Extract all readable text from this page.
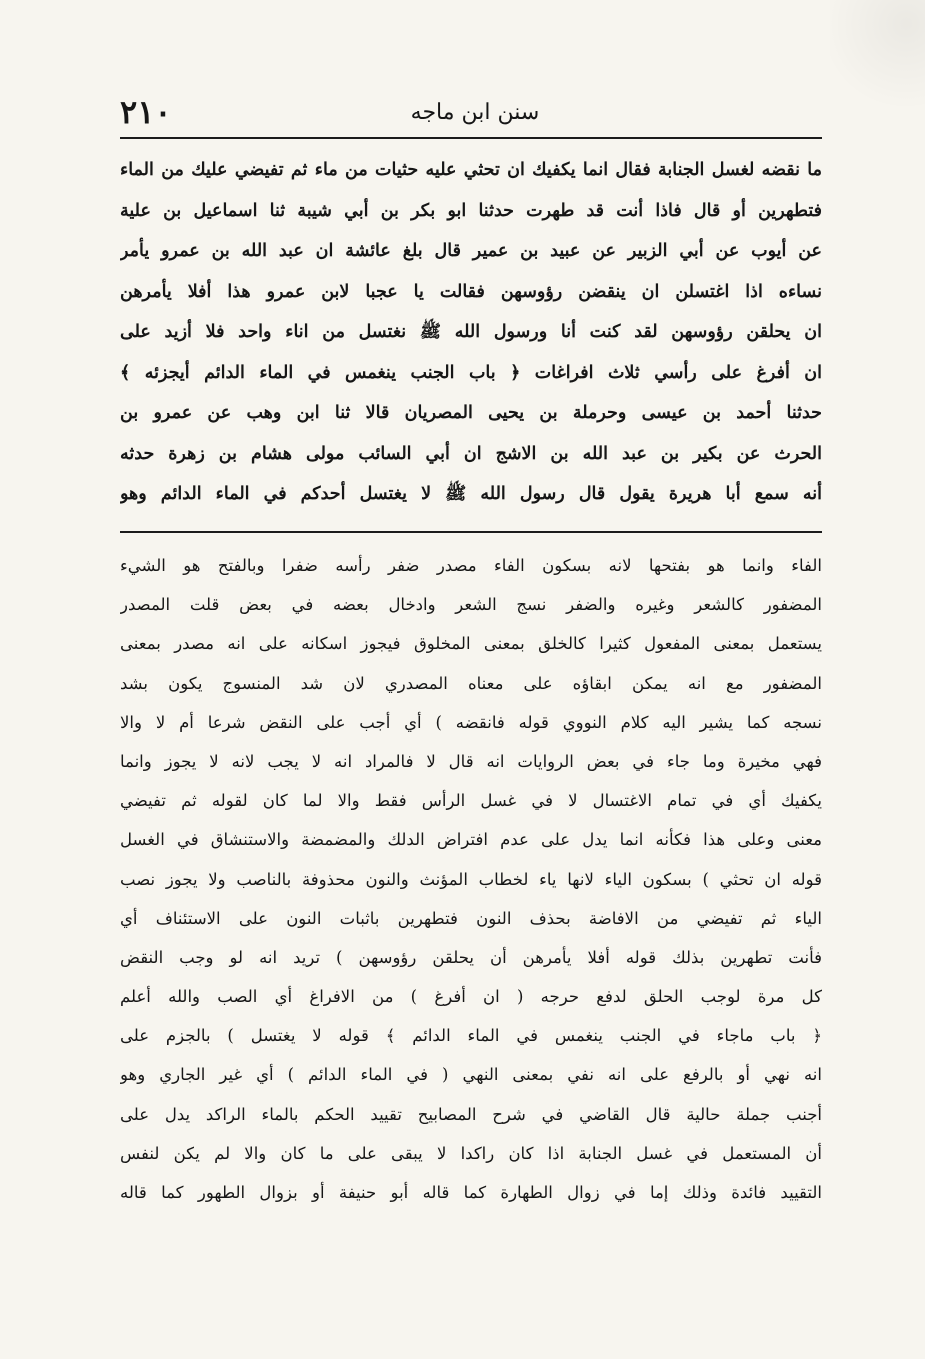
٢١٠	سنن ابن ماجه
ما نقضه لغسل الجنابة فقال انما يكفيك ان تحثي عليه حثيات من ماء ثم تفيضي عليك من الماء
فتطهرين أو قال فاذا أنت قد طهرت حدثنا ابو بكر بن أبي شيبة ثنا اسماعيل بن علية
عن أيوب عن أبي الزبير عن عبيد بن عمير قال بلغ عائشة ان عبد الله بن عمرو يأمر
نساءه اذا اغتسلن ان ينقضن رؤوسهن فقالت يا عجبا لابن عمرو هذا أفلا يأمرهن
ان يحلقن رؤوسهن لقد كنت أنا ورسول الله ﷺ نغتسل من اناء واحد فلا أزيد على
ان أفرغ على رأسي ثلاث افراغات ﴿ باب الجنب ينغمس في الماء الدائم أيجزئه ﴾
حدثنا أحمد بن عيسى وحرملة بن يحيى المصريان قالا ثنا ابن وهب عن عمرو بن
الحرث عن بكير بن عبد الله بن الاشج ان أبي السائب مولى هشام بن زهرة حدثه
أنه سمع أبا هريرة يقول قال رسول الله ﷺ لا يغتسل أحدكم في الماء الدائم وهو
الفاء وانما هو بفتحها لانه بسكون الفاء مصدر ضفر رأسه ضفرا وبالفتح هو الشيء
المضفور كالشعر وغيره والضفر نسج الشعر وادخال بعضه في بعض قلت المصدر
يستعمل بمعنى المفعول كثيرا كالخلق بمعنى المخلوق فيجوز اسكانه على انه مصدر بمعنى
المضفور مع انه يمكن ابقاؤه على معناه المصدري لان شد المنسوج يكون بشد
نسجه كما يشير اليه كلام النووي قوله فانقضه ) أي أجب على النقض شرعا أم لا والا
فهي مخيرة وما جاء في بعض الروايات انه قال لا فالمراد انه لا يجب لانه لا يجوز وانما
يكفيك أي في تمام الاغتسال لا في غسل الرأس فقط والا لما كان لقوله ثم تفيضي
معنى وعلى هذا فكأنه انما يدل على عدم افتراض الدلك والمضمضة والاستنشاق في الغسل
قوله ان تحثي ) بسكون الياء لانها ياء لخطاب المؤنث والنون محذوفة بالناصب ولا يجوز نصب
الياء ثم تفيضي من الافاضة بحذف النون فتطهرين باثبات النون على الاستئناف أي
فأنت تطهرين بذلك قوله أفلا يأمرهن أن يحلقن رؤوسهن ) تريد انه لو وجب النقض
كل مرة لوجب الحلق لدفع حرجه ( ان أفرغ ) من الافراغ أي الصب والله أعلم
﴿ باب ماجاء في الجنب ينغمس في الماء الدائم ﴾ قوله لا يغتسل ) بالجزم على
انه نهي أو بالرفع على انه نفي بمعنى النهي ( في الماء الدائم ) أي غير الجاري وهو
أجنب جملة حالية قال القاضي في شرح المصابيح تقييد الحكم بالماء الراكد يدل على
أن المستعمل في غسل الجنابة اذا كان راكدا لا يبقى على ما كان والا لم يكن لنفس
التقييد فائدة وذلك إما في زوال الطهارة كما قاله أبو حنيفة أو بزوال الطهور كما قاله
